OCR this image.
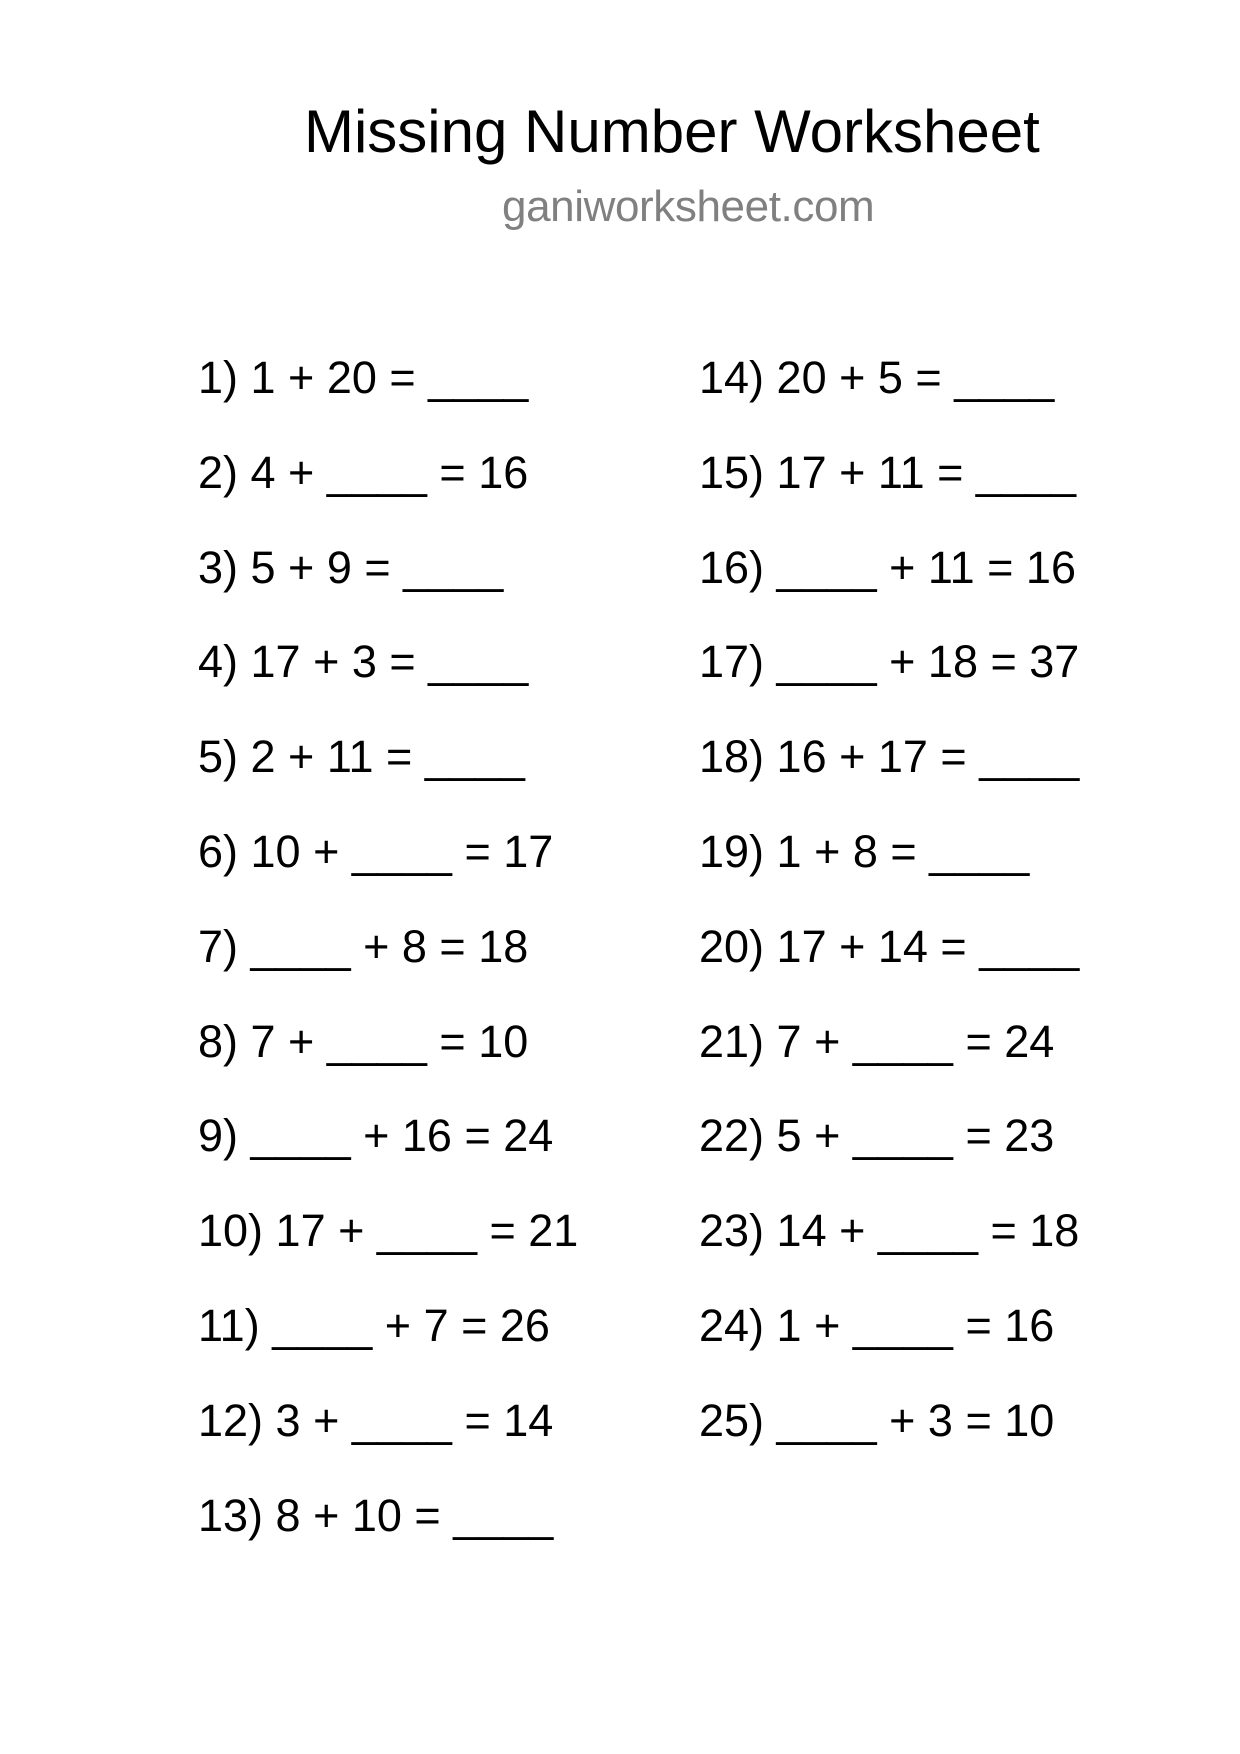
Missing Number Worksheet
ganiworksheet.com
1) 1 + 20 = ____
2) 4 + ____ = 16
3) 5 + 9 = ____
4) 17 + 3 = ____
5) 2 + 11 = ____
6) 10 + ____ = 17
7) ____ + 8 = 18
8) 7 + ____ = 10
9) ____ + 16 = 24
10) 17 + ____ = 21
11) ____ + 7 = 26
12) 3 + ____ = 14
13) 8 + 10 = ____
14) 20 + 5 = ____
15) 17 + 11 = ____
16) ____ + 11 = 16
17) ____ + 18 = 37
18) 16 + 17 = ____
19) 1 + 8 = ____
20) 17 + 14 = ____
21) 7 + ____ = 24
22) 5 + ____ = 23
23) 14 + ____ = 18
24) 1 + ____ = 16
25) ____ + 3 = 10
